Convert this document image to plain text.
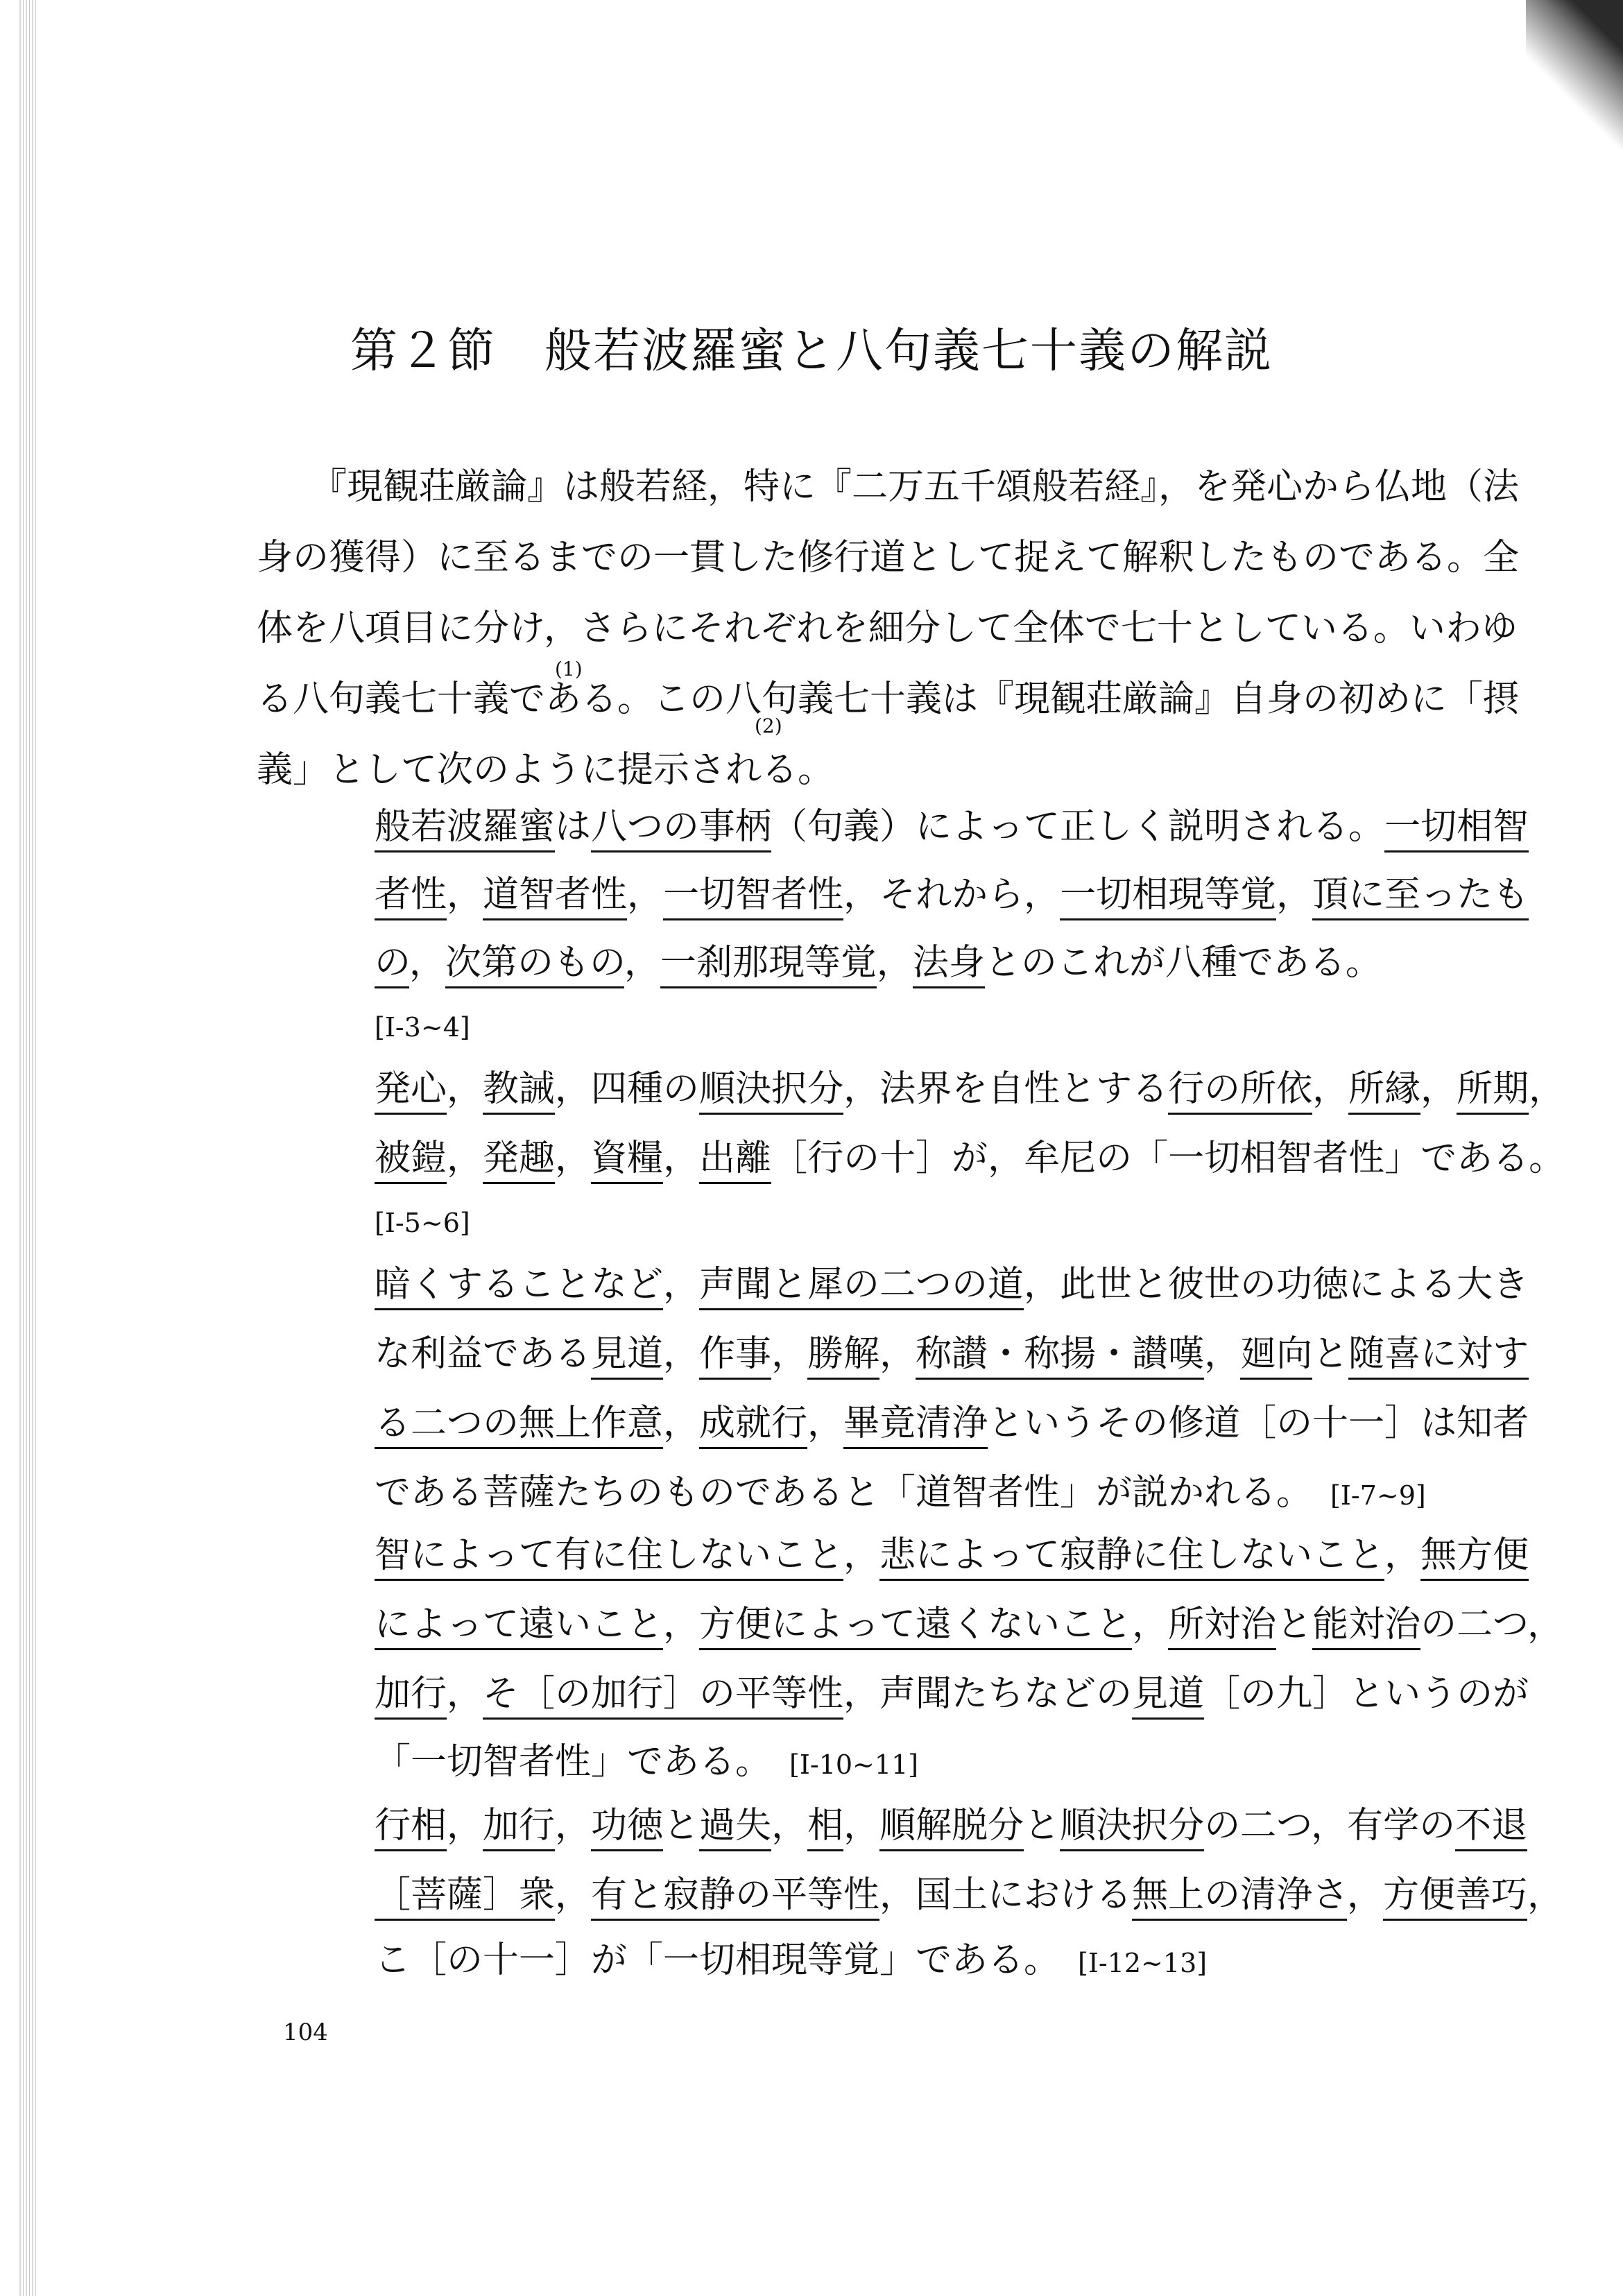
第２節　般若波羅蜜と八句義七十義の解説
『現観荘厳論』は般若経，特に『二万五千頌般若経』，を発心から仏地（法
身の獲得）に至るまでの一貫した修行道として捉えて解釈したものである。全
体を八項目に分け，さらにそれぞれを細分して全体で七十としている。いわゆ
る八句義七十義である。この八句義七十義は『現観荘厳論』自身の初めに「摂
義」として次のように提示される。
(1)
(2)
般若波羅蜜は八つの事柄（句義）によって正しく説明される。一切相智
者性，道智者性，一切智者性，それから，一切相現等覚，頂に至ったも
の，次第のもの，一刹那現等覚，法身とのこれが八種である。
[I-3~4]
発心，教誡，四種の順決択分，法界を自性とする行の所依，所縁，所期，
被鎧，発趣，資糧，出離［行の十］が，牟尼の「一切相智者性」である。
[I-5~6]
暗くすることなど，声聞と犀の二つの道，此世と彼世の功徳による大き
な利益である見道，作事，勝解，称讃・称揚・讃嘆，廻向と随喜に対す
る二つの無上作意，成就行，畢竟清浄というその修道［の十一］は知者
である菩薩たちのものであると「道智者性」が説かれる。　 [I-7~9]
智によって有に住しないこと，悲によって寂静に住しないこと，無方便
によって遠いこと，方便によって遠くないこと，所対治と能対治の二つ，
加行，そ［の加行］の平等性，声聞たちなどの見道［の九］というのが
「一切智者性」である。　 [I-10~11]
行相，加行，功徳と過失，相，順解脱分と順決択分の二つ，有学の不退
［菩薩］衆，有と寂静の平等性，国土における無上の清浄さ，方便善巧，
こ［の十一］が「一切相現等覚」である。　 [I-12~13]
104
